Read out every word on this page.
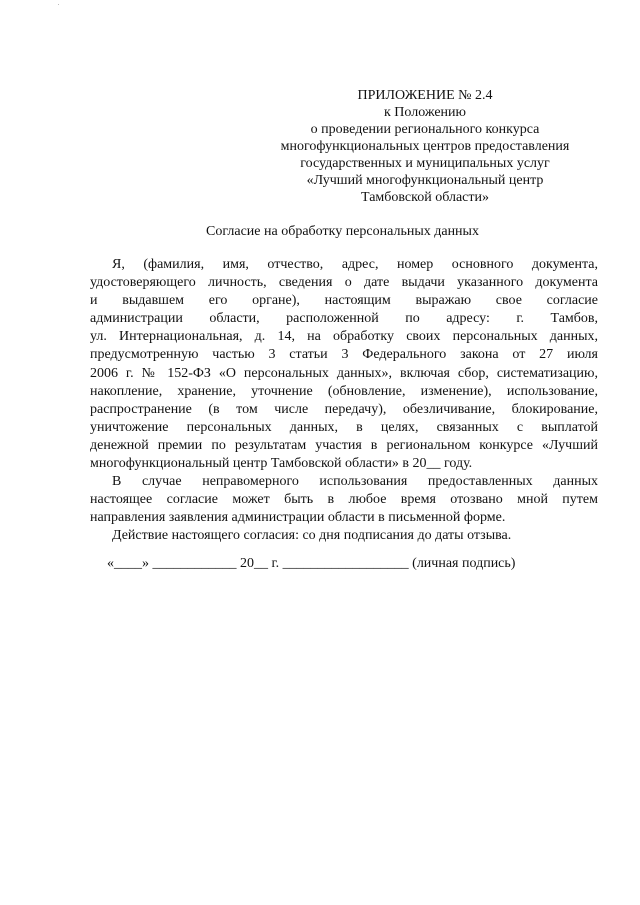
ПРИЛОЖЕНИЕ № 2.4
к Положению
о проведении регионального конкурса
многофункциональных центров предоставления
государственных и муниципальных услуг
«Лучший многофункциональный центр
Тамбовской области»
Согласие на обработку персональных данных
Я, (фамилия, имя, отчество, адрес, номер основного документа,
удостоверяющего личность, сведения о дате выдачи указанного документа
и выдавшем его органе), настоящим выражаю свое согласие
администрации области, расположенной по адресу: г. Тамбов,
ул. Интернациональная, д. 14, на обработку своих персональных данных,
предусмотренную частью 3 статьи 3 Федерального закона от 27 июля
2006 г. № 152-ФЗ «О персональных данных», включая сбор, систематизацию,
накопление, хранение, уточнение (обновление, изменение), использование,
распространение (в том числе передачу), обезличивание, блокирование,
уничтожение персональных данных, в целях, связанных с выплатой
денежной премии по результатам участия в региональном конкурсе «Лучший
многофункциональный центр Тамбовской области» в 20__ году.
В случае неправомерного использования предоставленных данных
настоящее согласие может быть в любое время отозвано мной путем
направления заявления администрации области в письменной форме.
Действие настоящего согласия: со дня подписания до даты отзыва.
«____» ____________ 20__ г. __________________ (личная подпись)
